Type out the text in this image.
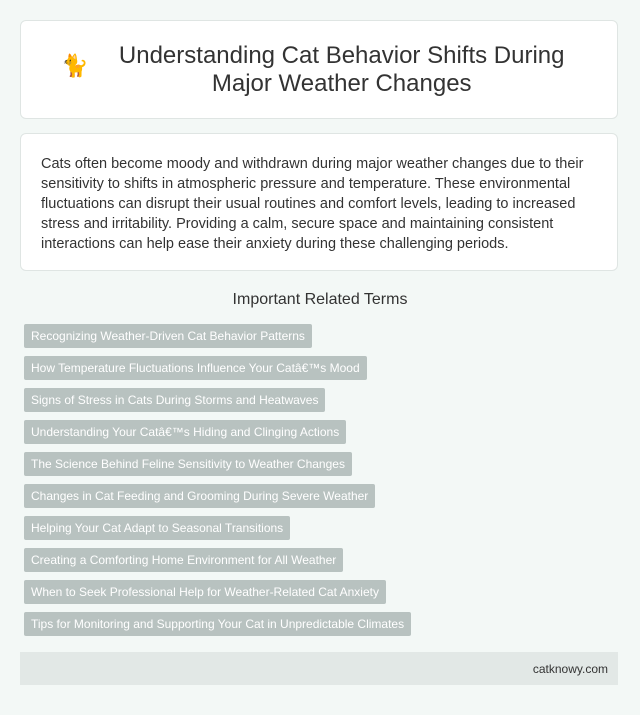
🐈	Understanding Cat Behavior Shifts During Major Weather Changes

Cats often become moody and withdrawn during major weather changes due to their sensitivity to shifts in atmospheric pressure and temperature. These environmental fluctuations can disrupt their usual routines and comfort levels, leading to increased stress and irritability. Providing a calm, secure space and maintaining consistent interactions can help ease their anxiety during these challenging periods.

Important Related Terms
Recognizing Weather-Driven Cat Behavior Patterns
How Temperature Fluctuations Influence Your Catâ€™s Mood
Signs of Stress in Cats During Storms and Heatwaves
Understanding Your Catâ€™s Hiding and Clinging Actions
The Science Behind Feline Sensitivity to Weather Changes
Changes in Cat Feeding and Grooming During Severe Weather
Helping Your Cat Adapt to Seasonal Transitions
Creating a Comforting Home Environment for All Weather
When to Seek Professional Help for Weather-Related Cat Anxiety
Tips for Monitoring and Supporting Your Cat in Unpredictable Climates
catknowy.com
